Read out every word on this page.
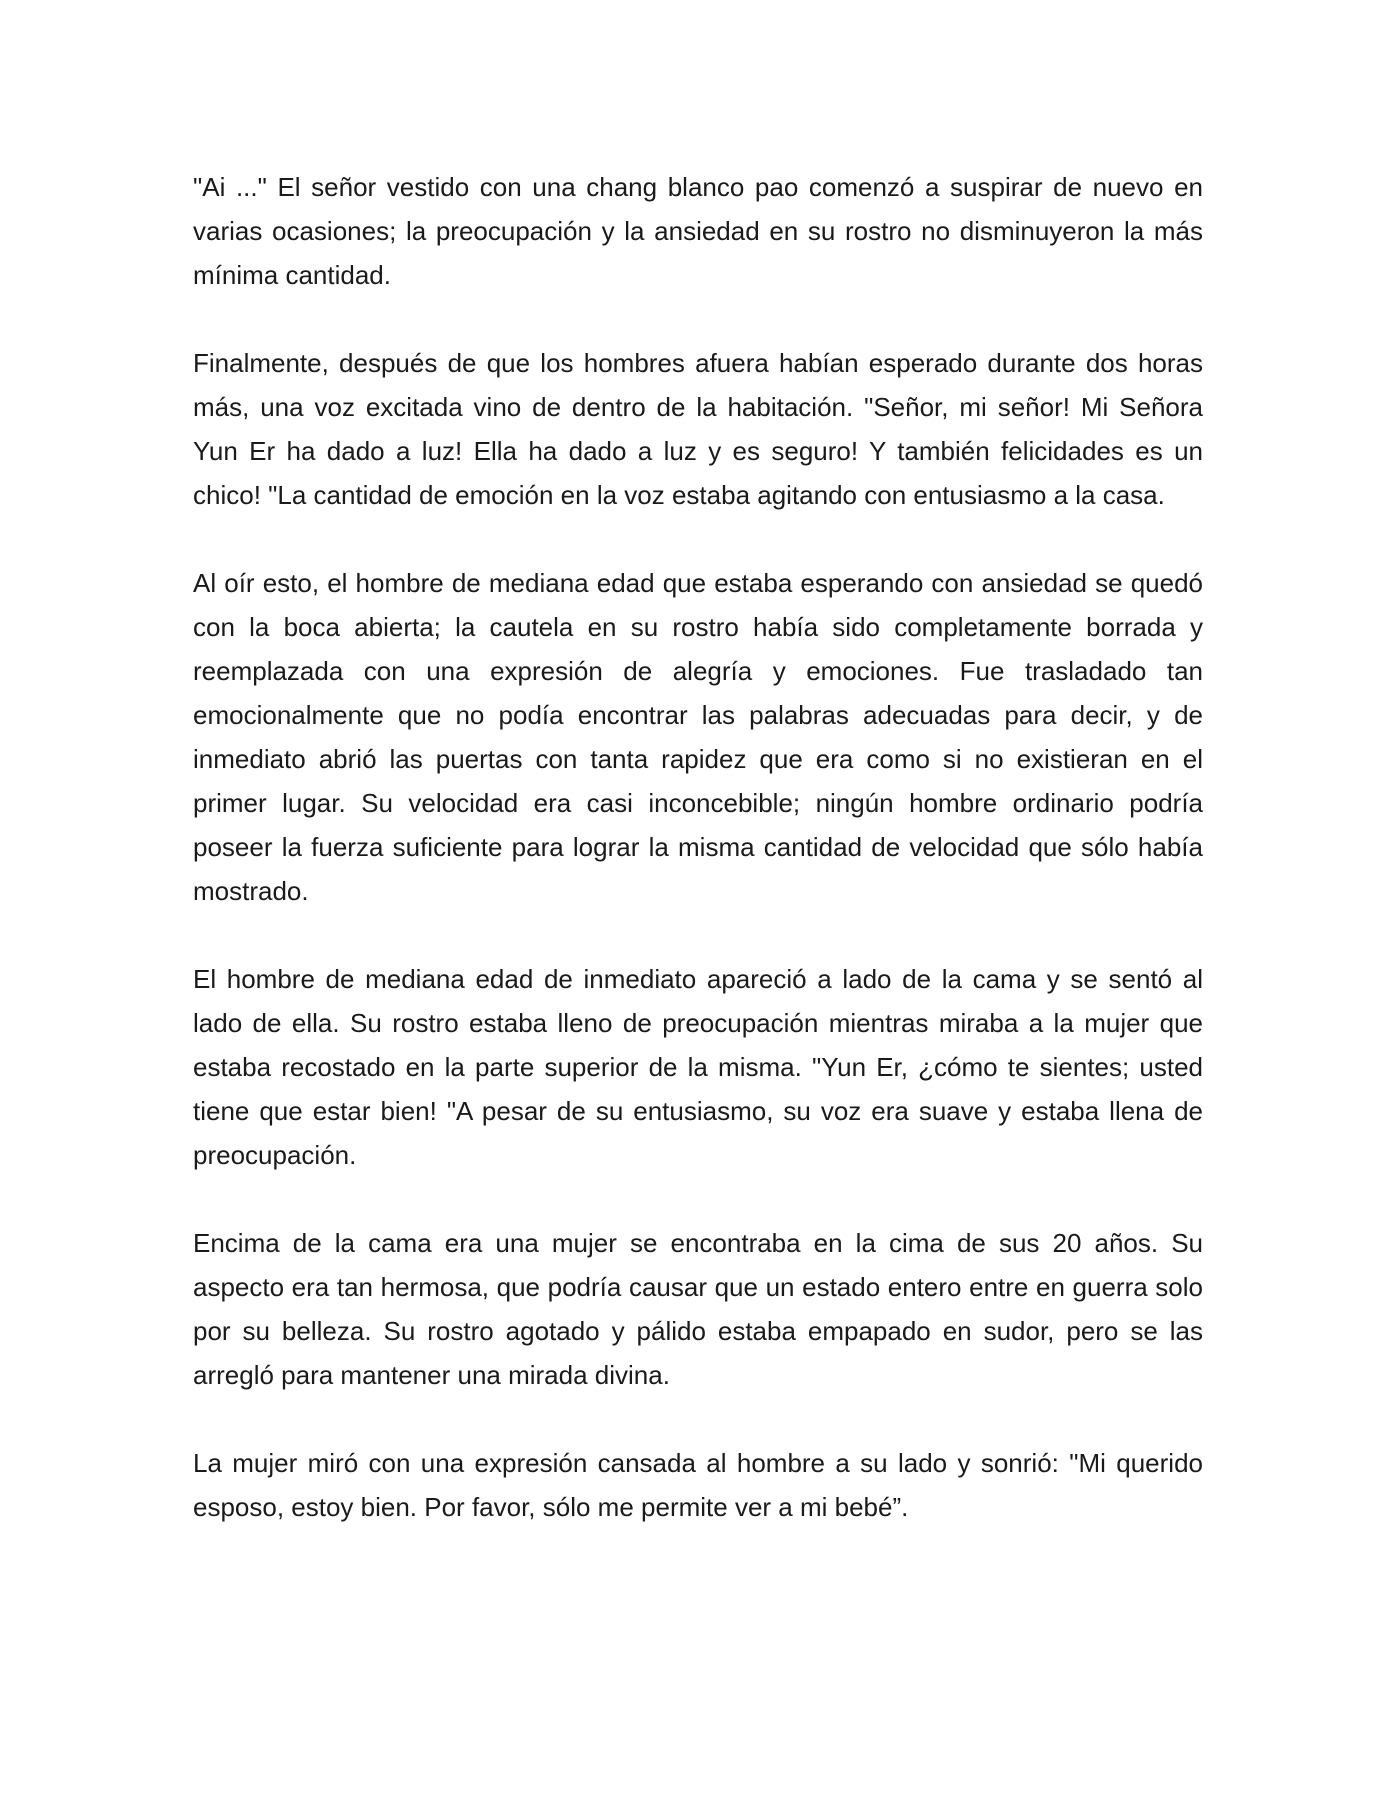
"Ai ..." El señor vestido con una chang blanco pao comenzó a suspirar de nuevo en varias ocasiones; la preocupación y la ansiedad en su rostro no disminuyeron la más mínima cantidad.

Finalmente, después de que los hombres afuera habían esperado durante dos horas más, una voz excitada vino de dentro de la habitación. "Señor, mi señor! Mi Señora Yun Er ha dado a luz! Ella ha dado a luz y es seguro! Y también felicidades es un chico! "La cantidad de emoción en la voz estaba agitando con entusiasmo a la casa.

Al oír esto, el hombre de mediana edad que estaba esperando con ansiedad se quedó con la boca abierta; la cautela en su rostro había sido completamente borrada y reemplazada con una expresión de alegría y emociones. Fue trasladado tan emocionalmente que no podía encontrar las palabras adecuadas para decir, y de inmediato abrió las puertas con tanta rapidez que era como si no existieran en el primer lugar. Su velocidad era casi inconcebible; ningún hombre ordinario podría poseer la fuerza suficiente para lograr la misma cantidad de velocidad que sólo había mostrado.

El hombre de mediana edad de inmediato apareció a lado de la cama y se sentó al lado de ella. Su rostro estaba lleno de preocupación mientras miraba a la mujer que estaba recostado en la parte superior de la misma. "Yun Er, ¿cómo te sientes; usted tiene que estar bien! "A pesar de su entusiasmo, su voz era suave y estaba llena de preocupación.

Encima de la cama era una mujer se encontraba en la cima de sus 20 años. Su aspecto era tan hermosa, que podría causar que un estado entero entre en guerra solo por su belleza. Su rostro agotado y pálido estaba empapado en sudor, pero se las arregló para mantener una mirada divina.

La mujer miró con una expresión cansada al hombre a su lado y sonrió: "Mi querido esposo, estoy bien. Por favor, sólo me permite ver a mi bebé”.
